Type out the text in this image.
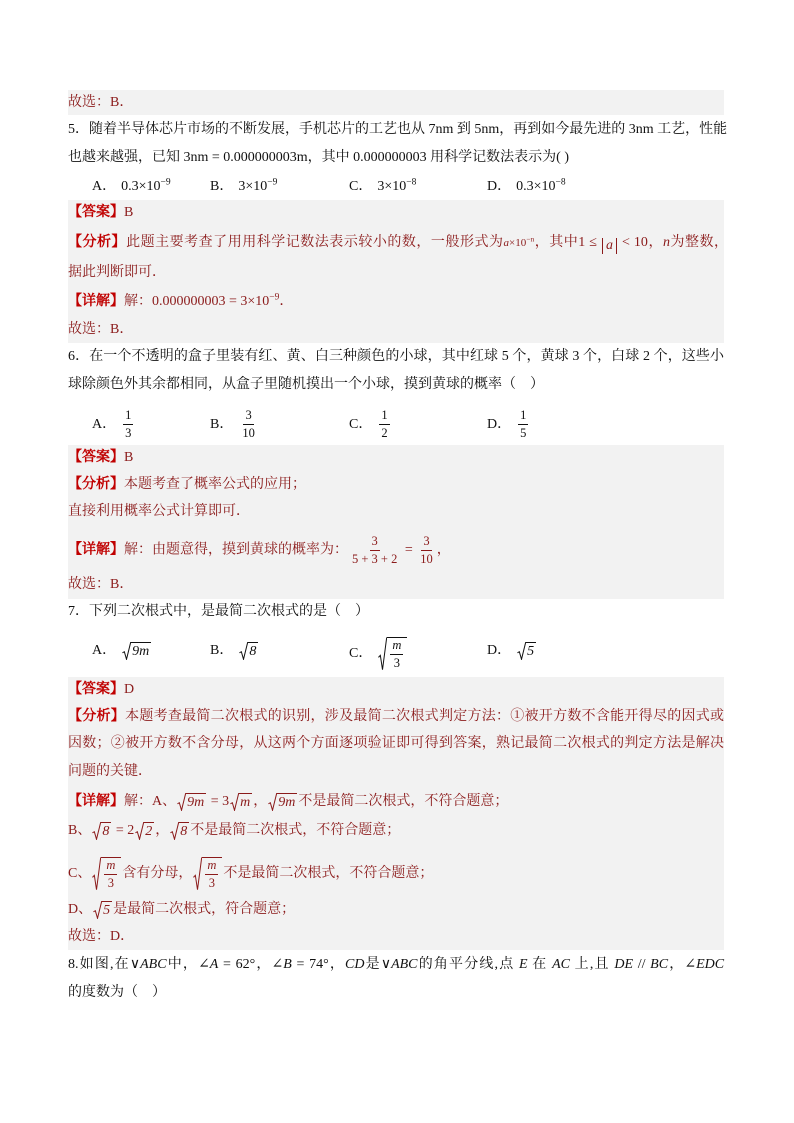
故选：B．
5．随着半导体芯片市场的不断发展，手机芯片的工艺也从 7nm 到 5nm，再到如今最先进的 3nm 工艺，性能
也越来越强，已知 3nm = 0.000000003m，其中 0.000000003 用科学记数法表示为( )
A． $0.3\times 10^{-9}$	B． $3\times 10^{-9}$	C． $3\times 10^{-8}$	D． $0.3\times 10^{-8}$
【答案】B
【分析】此题主要考查了用用科学记数法表示较小的数，一般形式为$a\times 10^{-n}$，其中1 ≤ a < 10，n为整数，
据此判断即可．
【详解】解：$0.000000003 = 3\times 10^{-9}$．
故选：B．
6．在一个不透明的盒子里装有红、黄、白三种颜色的小球，其中红球 5 个，黄球 3 个，白球 2 个，这些小
球除颜色外其余都相同，从盒子里随机摸出一个小球，摸到黄球的概率（　）
A． $\frac{1}{3}$	B． $\frac{3}{10}$	C． $\frac{1}{2}$	D． $\frac{1}{5}$
【答案】B
【分析】本题考查了概率公式的应用；
直接利用概率公式计算即可．
【详解】解：由题意得，摸到黄球的概率为： $\frac{3}{5 + 3 + 2} = \frac{3}{10}$ ，
故选：B．
7．下列二次根式中，是最简二次根式的是（　）
A． 9m	B． 8	C． $\frac{m}{3}$	D． 5
【答案】D
【分析】本题考查最简二次根式的识别，涉及最简二次根式判定方法：①被开方数不含能开得尽的因式或
因数；②被开方数不含分母，从这两个方面逐项验证即可得到答案，熟记最简二次根式的判定方法是解决
问题的关键．
【详解】解：A、 9m = 3 m ， 9m 不是最简二次根式，不符合题意；
B、 8 = 2 2 ， 8 不是最简二次根式，不符合题意；
C、 $\frac{m}{3}$ 含有分母， $\frac{m}{3}$ 不是最简二次根式，不符合题意；
D、 5 是最简二次根式，符合题意；
故选：D．
8.如图,在∨ABC中，∠A = 62°，∠B = 74°，CD是∨ABC的角平分线,点 E 在 AC 上,且 DE // BC，∠EDC
的度数为（　）
